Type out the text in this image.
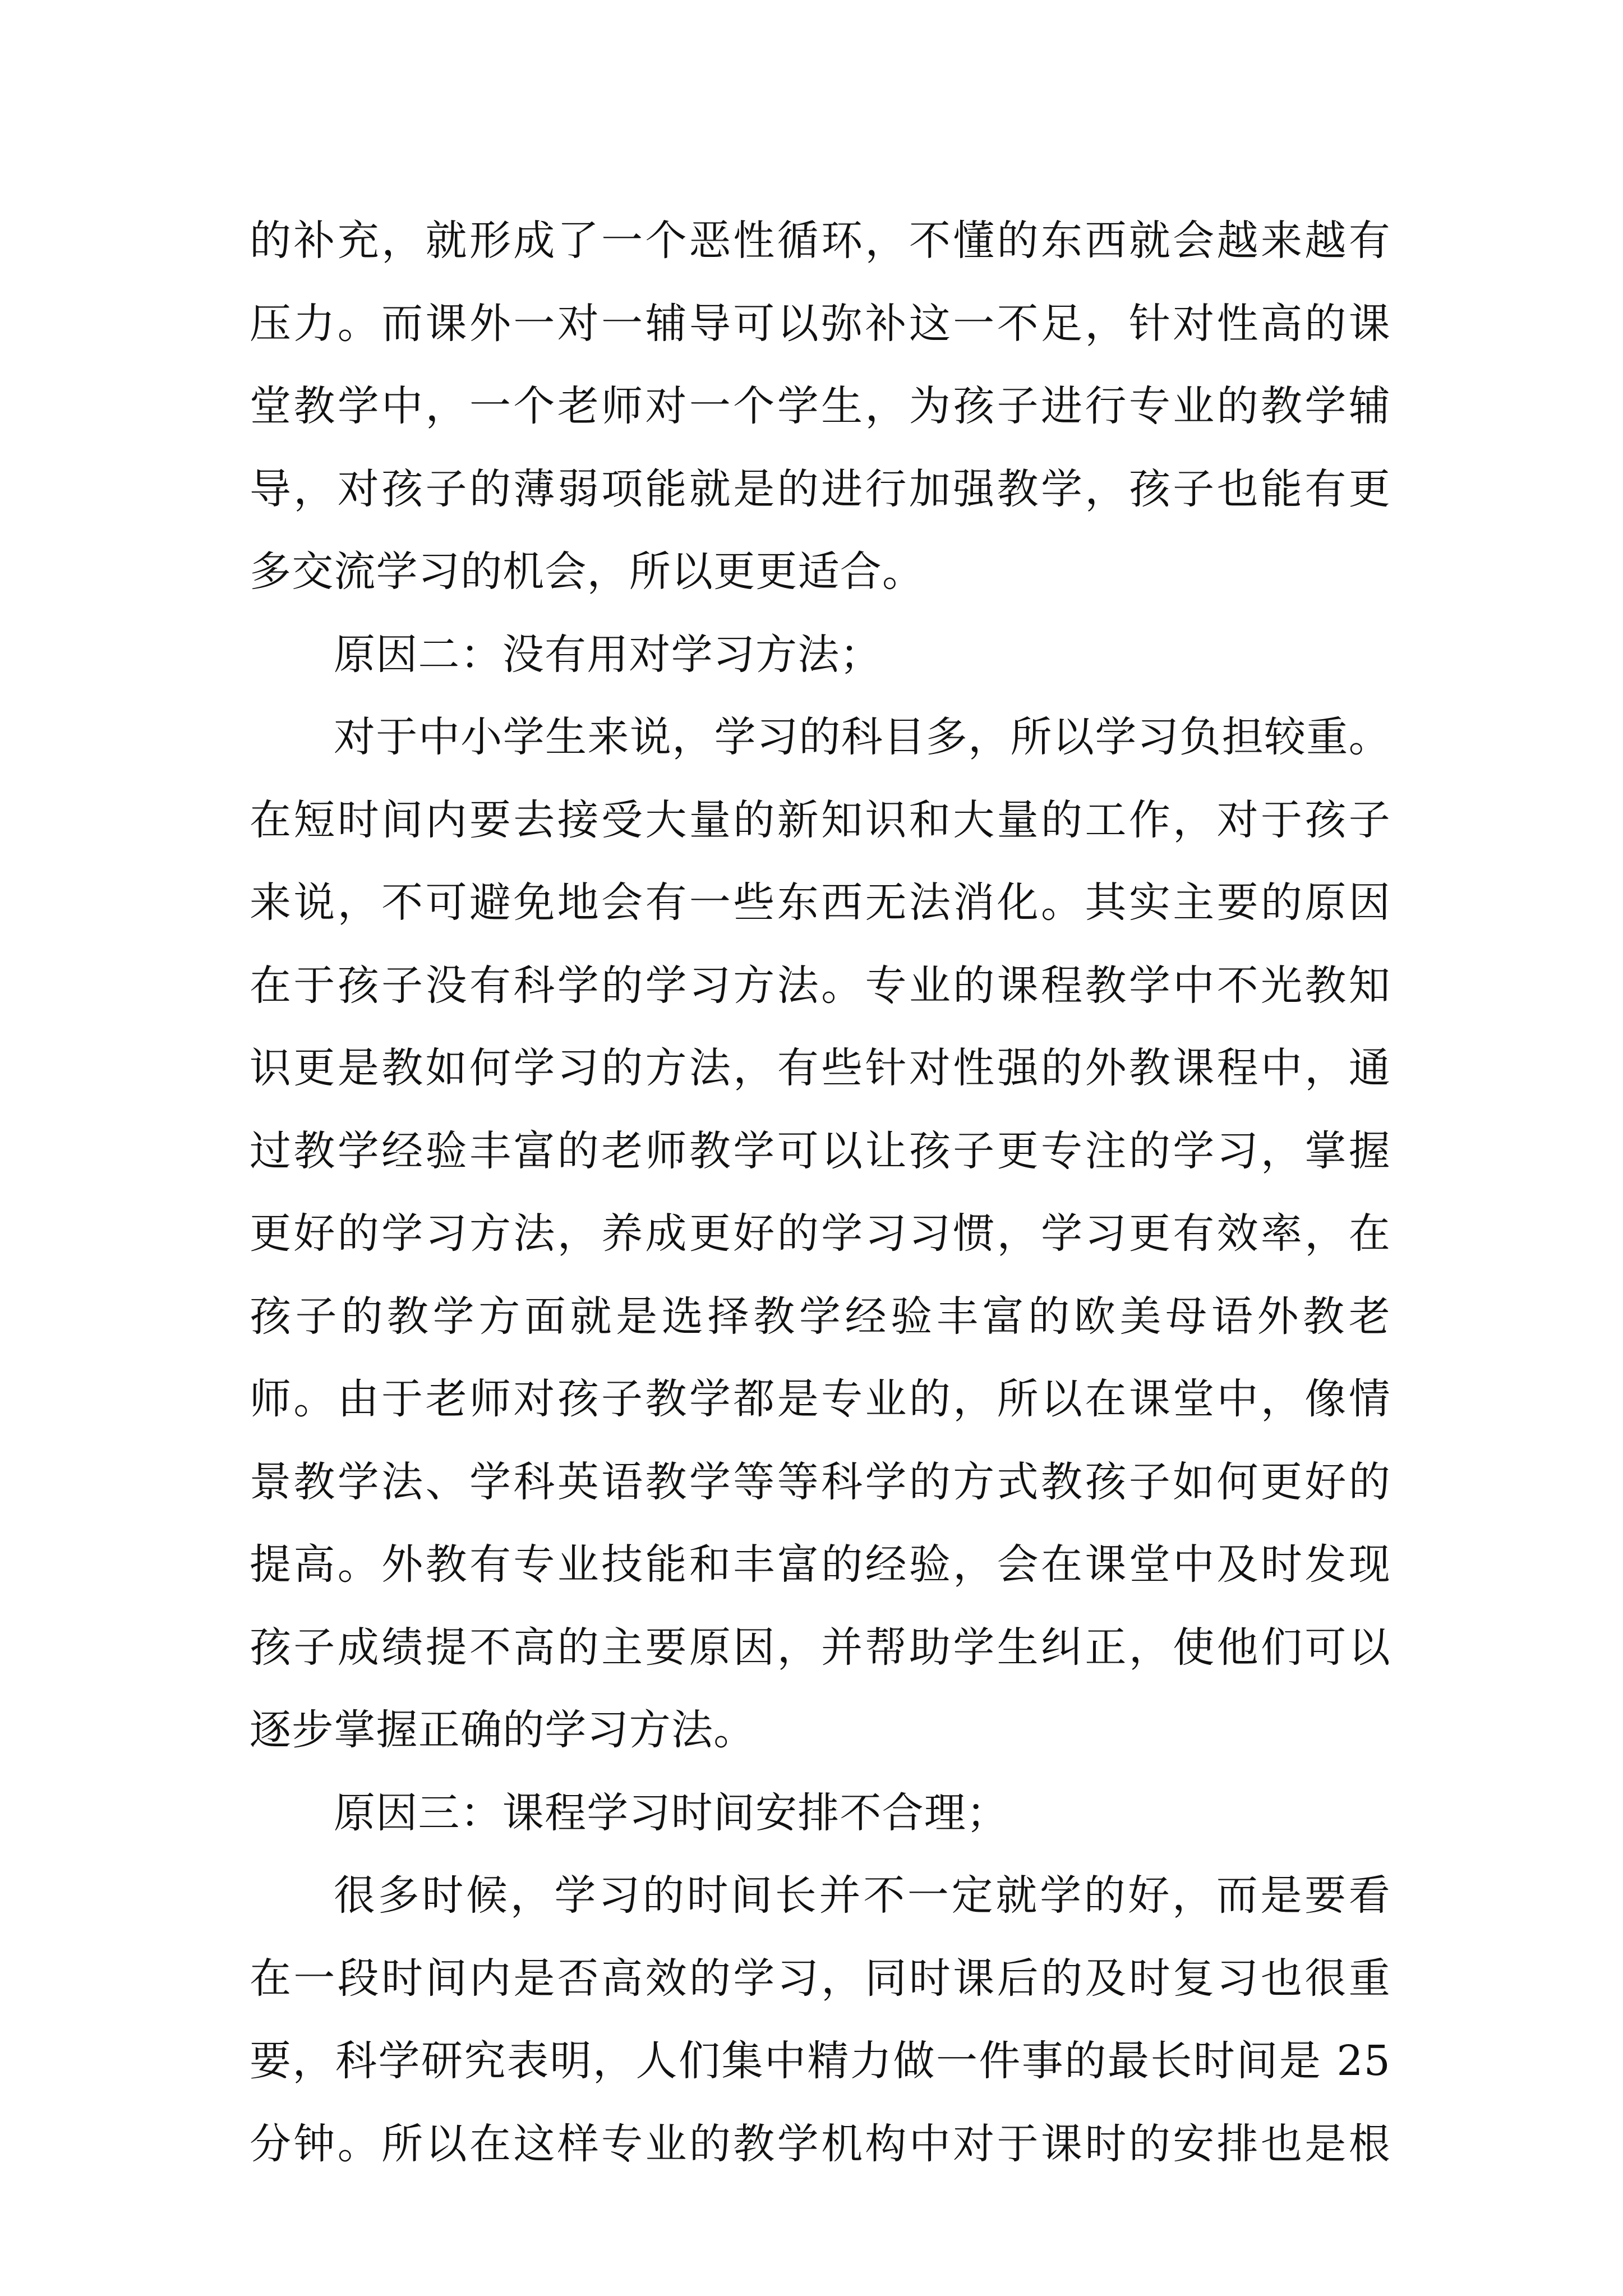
的补充，就形成了一个恶性循环，不懂的东西就会越来越有
压力。而课外一对一辅导可以弥补这一不足，针对性高的课
堂教学中，一个老师对一个学生，为孩子进行专业的教学辅
导，对孩子的薄弱项能就是的进行加强教学，孩子也能有更
多交流学习的机会，所以更更适合。
原因二：没有用对学习方法；
对于中小学生来说，学习的科目多，所以学习负担较重。
在短时间内要去接受大量的新知识和大量的工作，对于孩子
来说，不可避免地会有一些东西无法消化。其实主要的原因
在于孩子没有科学的学习方法。专业的课程教学中不光教知
识更是教如何学习的方法，有些针对性强的外教课程中，通
过教学经验丰富的老师教学可以让孩子更专注的学习，掌握
更好的学习方法，养成更好的学习习惯，学习更有效率，在
孩子的教学方面就是选择教学经验丰富的欧美母语外教老
师。由于老师对孩子教学都是专业的，所以在课堂中，像情
景教学法、学科英语教学等等科学的方式教孩子如何更好的
提高。外教有专业技能和丰富的经验，会在课堂中及时发现
孩子成绩提不高的主要原因，并帮助学生纠正，使他们可以
逐步掌握正确的学习方法。
原因三：课程学习时间安排不合理；
很多时候，学习的时间长并不一定就学的好，而是要看
在一段时间内是否高效的学习，同时课后的及时复习也很重
要，科学研究表明，人们集中精力做一件事的最长时间是 25
分钟。所以在这样专业的教学机构中对于课时的安排也是根
